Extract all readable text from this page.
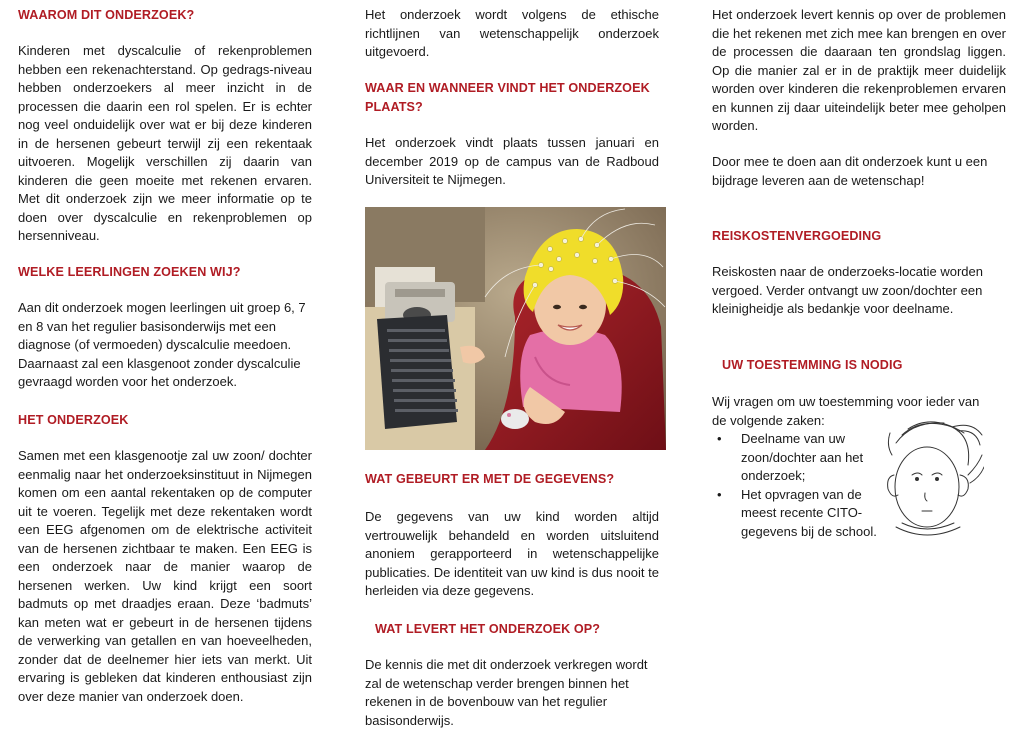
WAAROM DIT ONDERZOEK?

Kinderen met dyscalculie of rekenproblemen hebben een rekenachterstand. Op gedrags-niveau hebben onderzoekers al meer inzicht in de processen die daarin een rol spelen. Er is echter nog veel onduidelijk over wat er bij deze kinderen in de hersenen gebeurt terwijl zij een rekentaak uitvoeren. Mogelijk verschillen zij daarin van kinderen die geen moeite met rekenen ervaren. Met dit onderzoek zijn we meer informatie op te doen over dyscalculie en rekenproblemen op hersenniveau.

WELKE LEERLINGEN ZOEKEN WIJ?

Aan dit onderzoek mogen leerlingen uit groep 6, 7 en 8 van het regulier basisonderwijs met een diagnose (of vermoeden) dyscalculie meedoen. Daarnaast zal een klasgenoot zonder dyscalculie gevraagd worden voor het onderzoek.

HET ONDERZOEK

Samen met een klasgenootje zal uw zoon/ dochter eenmalig naar het onderzoeksinstituut in Nijmegen komen om een aantal rekentaken op de computer uit te voeren. Tegelijk met deze rekentaken wordt een EEG afgenomen om de elektrische activiteit van de hersenen zichtbaar te maken. Een EEG is een onderzoek naar de manier waarop de hersenen werken. Uw kind krijgt een soort badmuts op met draadjes eraan. Deze ‘badmuts’ kan meten wat er gebeurt in de hersenen tijdens de verwerking van getallen en van hoeveelheden, zonder dat de deelnemer hier iets van merkt. Uit ervaring is gebleken dat kinderen enthousiast zijn over deze manier van onderzoek doen.

Het onderzoek wordt volgens de ethische richtlijnen van wetenschappelijk onderzoek uitgevoerd.

WAAR EN WANNEER VINDT HET ONDERZOEK PLAATS?

Het onderzoek vindt plaats tussen januari en december 2019 op de campus van de Radboud Universiteit te Nijmegen.

WAT GEBEURT ER MET DE GEGEVENS?

De gegevens van uw kind worden altijd vertrouwelijk behandeld en worden uitsluitend anoniem gerapporteerd in wetenschappelijke publicaties. De identiteit van uw kind is dus nooit te herleiden via deze gegevens.

WAT LEVERT HET ONDERZOEK OP?

De kennis die met dit onderzoek verkregen wordt zal de wetenschap verder brengen binnen het rekenen in de bovenbouw van het regulier basisonderwijs.

Het onderzoek levert kennis op over de problemen die het rekenen met zich mee kan brengen en over de processen die daaraan ten grondslag liggen. Op die manier zal er in de praktijk meer duidelijk worden over kinderen die rekenproblemen ervaren en kunnen zij daar uiteindelijk beter mee geholpen worden.

Door mee te doen aan dit onderzoek kunt u een bijdrage leveren aan de wetenschap!

REISKOSTENVERGOEDING

Reiskosten naar de onderzoeks-locatie worden vergoed. Verder ontvangt uw zoon/dochter een kleinigheidje als bedankje voor deelname.

UW TOESTEMMING IS NODIG

Wij vragen om uw toestemming voor ieder van de volgende zaken:

• Deelname van uw zoon/dochter aan het onderzoek;
• Het opvragen van de meest recente CITO-gegevens bij de school.
